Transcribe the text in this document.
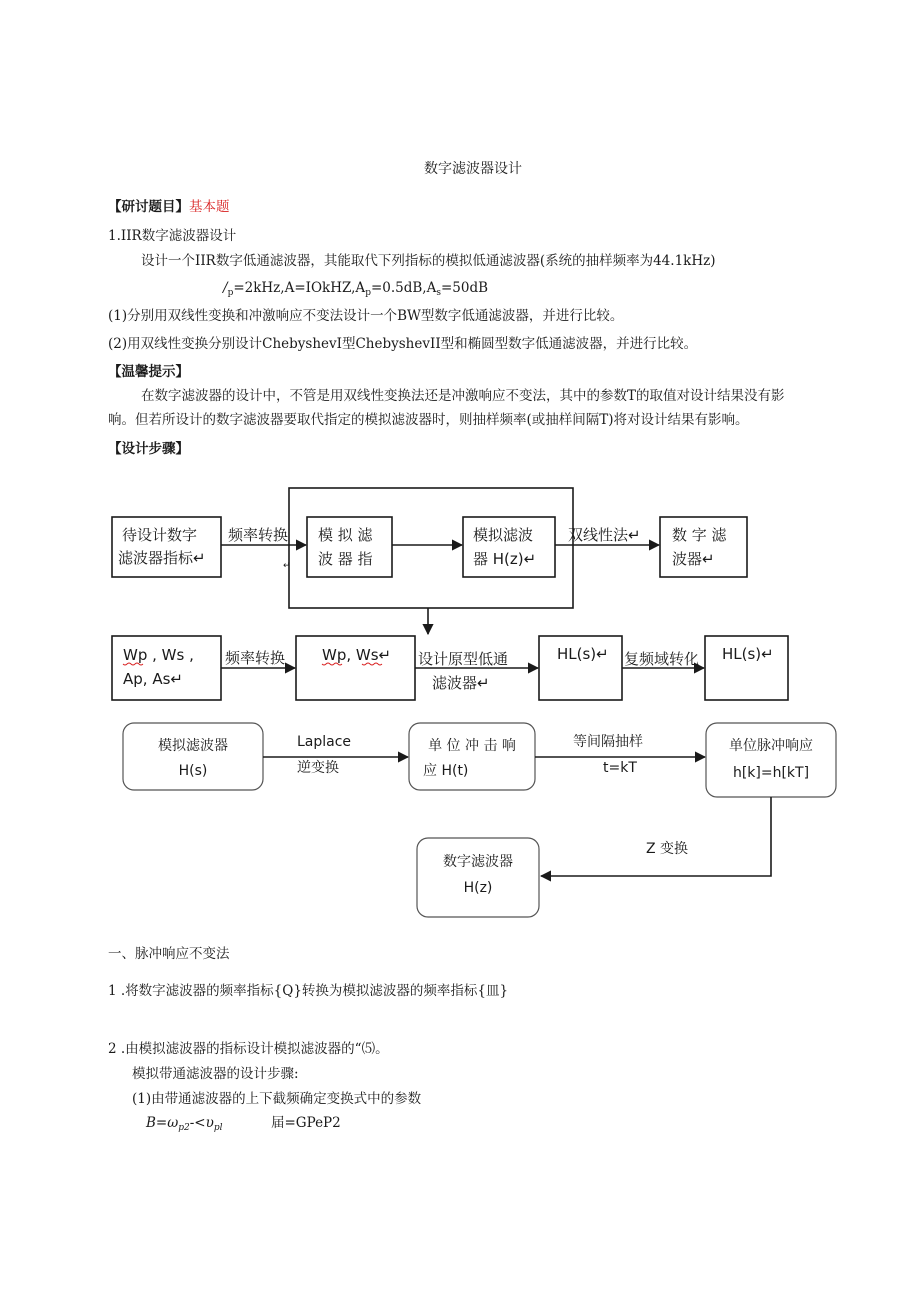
数字滤波器设计
【研讨题目】基本题
1.IIR数字滤波器设计
设计一个IIR数字低通滤波器，其能取代下列指标的模拟低通滤波器(系统的抽样频率为44.1kHz)
$/_p=2kHz,A=IOkHZ,A_p=0.5dB,A_s=50dB$
(1)分别用双线性变换和冲激响应不变法设计一个BW型数字低通滤波器，并进行比较。
(2)用双线性变换分别设计ChebyshevI型ChebyshevII型和椭圆型数字低通滤波器，并进行比较。
【温馨提示】
在数字滤波器的设计中，不管是用双线性变换法还是冲激响应不变法，其中的参数T的取值对设计结果没有影
响。但若所设计的数字滤波器要取代指定的模拟滤波器时，则抽样频率(或抽样间隔T)将对设计结果有影响。
【设计步骤】
待设计数字
滤波器指标↵
频率转换
↵
模 拟 滤
波 器 指
模拟滤波
器 H(z)↵
双线性法↵ 数 字 滤
波器↵
Wp , Ws ,
Ap, As↵
频率转换 Wp, Ws↵ 设计原型低通
滤波器↵
HL(s)↵ 复频域转化 HL(s)↵
模拟滤波器
H(s)
Laplace
逆变换
单 位 冲 击 响
应 H(t)
等间隔抽样
t=kT
单位脉冲响应
h[k]=h[kT]
Z 变换
数字滤波器
H(z)
一、脉冲响应不变法
1 .将数字滤波器的频率指标{Q}转换为模拟滤波器的频率指标{皿}
2 .由模拟滤波器的指标设计模拟滤波器的“⑸。
模拟带通滤波器的设计步骤:
(1)由带通滤波器的上下截频确定变换式中的参数
$B=\omega_{p2}-<\upsilon_{pl}$	届=GPeP2
